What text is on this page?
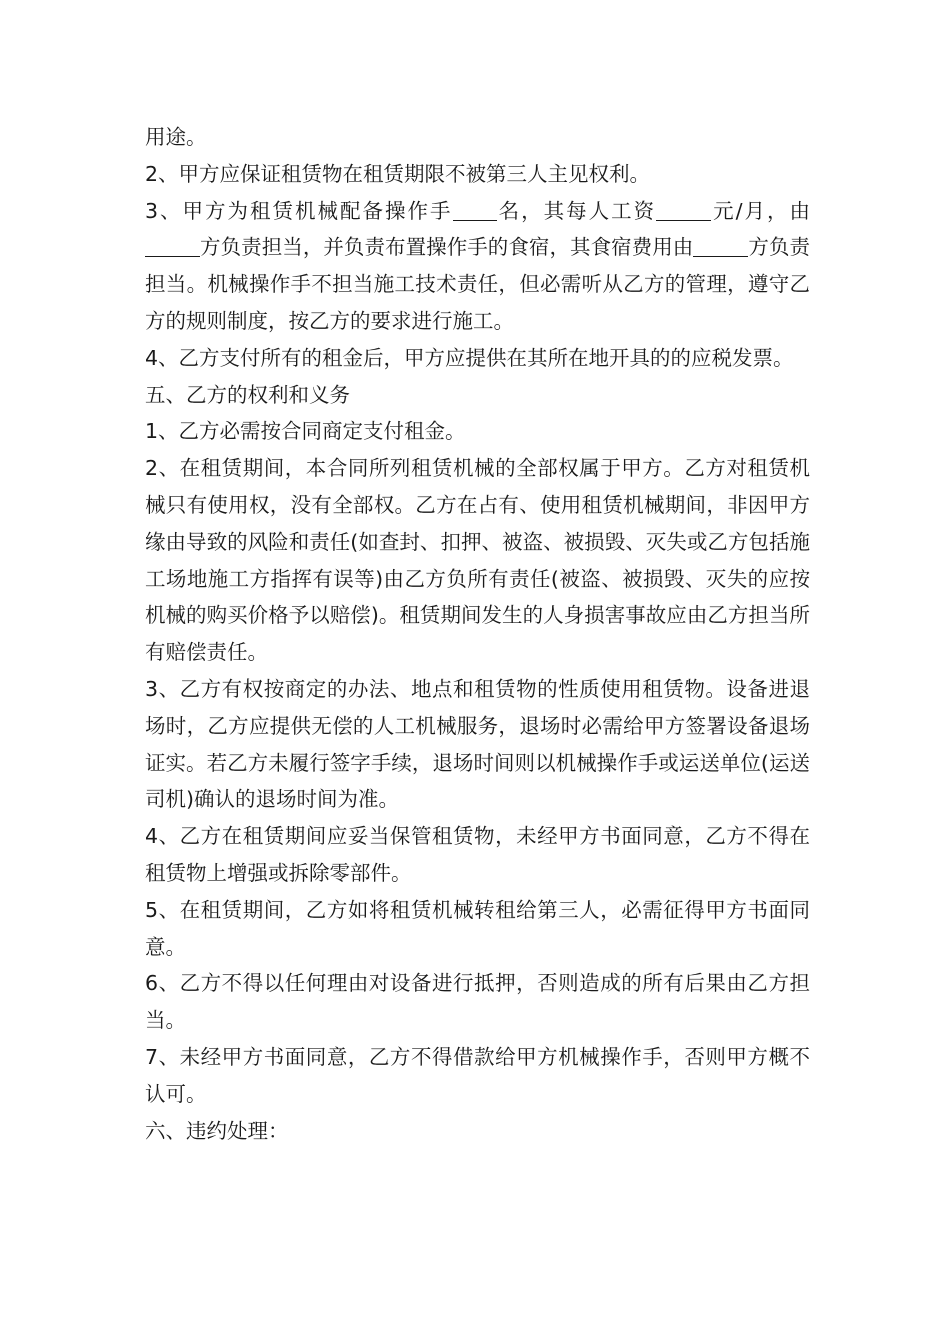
用途。

2、甲方应保证租赁物在租赁期限不被第三人主见权利。

3、甲方为租赁机械配备操作手 名，其每人工资	元/月，由方负责担当，并负责布置操作手的食宿，其食宿费用由	方负责担当。机械操作手不担当施工技术责任，但必需听从乙方的管理，遵守乙方的规则制度，按乙方的要求进行施工。

4、乙方支付所有的租金后，甲方应提供在其所在地开具的的应税发票。

五、乙方的权利和义务

1、乙方必需按合同商定支付租金。

2、在租赁期间，本合同所列租赁机械的全部权属于甲方。乙方对租赁机械只有使用权，没有全部权。乙方在占有、使用租赁机械期间，非因甲方缘由导致的风险和责任(如查封、扣押、被盗、被损毁、灭失或乙方包括施工场地施工方指挥有误等)由乙方负所有责任(被盗、被损毁、灭失的应按机械的购买价格予以赔偿)。租赁期间发生的人身损害事故应由乙方担当所有赔偿责任。

3、乙方有权按商定的办法、地点和租赁物的性质使用租赁物。设备进退场时，乙方应提供无偿的人工机械服务，退场时必需给甲方签署设备退场证实。若乙方未履行签字手续，退场时间则以机械操作手或运送单位(运送司机)确认的退场时间为准。

4、乙方在租赁期间应妥当保管租赁物，未经甲方书面同意，乙方不得在租赁物上增强或拆除零部件。

5、在租赁期间，乙方如将租赁机械转租给第三人，必需征得甲方书面同意。

6、乙方不得以任何理由对设备进行抵押，否则造成的所有后果由乙方担当。

7、未经甲方书面同意，乙方不得借款给甲方机械操作手，否则甲方概不认可。

六、违约处理：
